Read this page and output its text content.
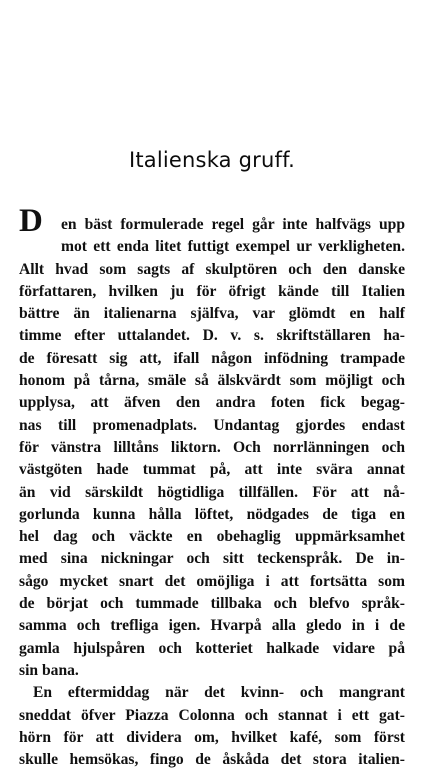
Italienska gruff.
D	en bäst formulerade regel går inte halfvägs upp
mot ett enda litet futtigt exempel ur verkligheten.
Allt hvad som sagts af skulptören och den danske
författaren, hvilken ju för öfrigt kände till Italien
bättre än italienarna själfva, var glömdt en half
timme efter uttalandet. D. v. s. skriftställaren ha-
de föresatt sig att, ifall någon infödning trampade
honom på tårna, smäle så älskvärdt som möjligt och
upplysa, att äfven den andra foten fick begag-
nas till promenadplats. Undantag gjordes endast
för vänstra lilltåns liktorn. Och norrlänningen och
västgöten hade tummat på, att inte svära annat
än vid särskildt högtidliga tillfällen. För att nå-
gorlunda kunna hålla löftet, nödgades de tiga en
hel dag och väckte en obehaglig uppmärksamhet
med sina nickningar och sitt teckenspråk. De in-
sågo mycket snart det omöjliga i att fortsätta som
de börjat och tummade tillbaka och blefvo språk-
samma och trefliga igen. Hvarpå alla gledo in i de
gamla hjulspåren och kotteriet halkade vidare på
sin bana.
En eftermiddag när det kvinn- och mangrant
sneddat öfver Piazza Colonna och stannat i ett gat-
hörn för att dividera om, hvilket kafé, som först
skulle hemsökas, fingo de åskåda det stora italien-
